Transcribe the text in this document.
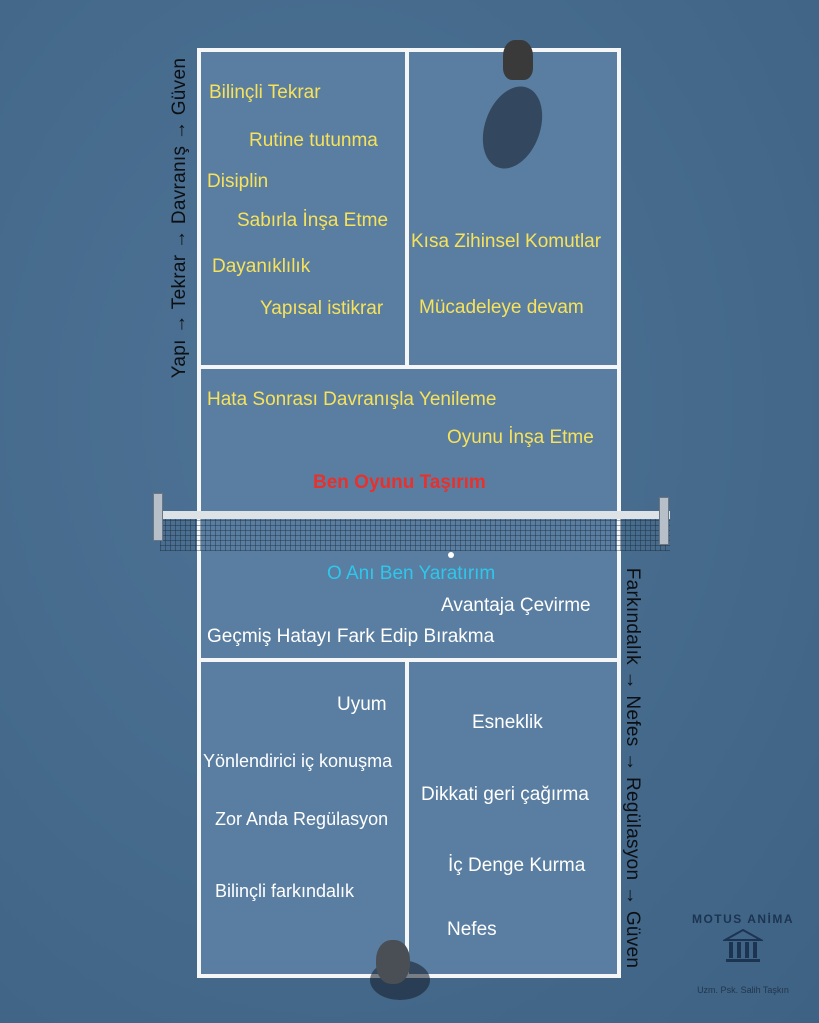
Yapı → Tekrar → Davranış → Güven
Farkındalık → Nefes → Regülasyon → Güven
Bilinçli Tekrar
Rutine tutunma
Disiplin
Sabırla İnşa Etme
Dayanıklılık
Yapısal istikrar
Kısa Zihinsel Komutlar
Mücadeleye devam
Hata Sonrası Davranışla Yenileme
Oyunu İnşa Etme
Ben Oyunu Taşırım
O Anı Ben Yaratırım
Avantaja Çevirme
Geçmiş Hatayı Fark Edip Bırakma
Uyum
Yönlendirici iç konuşma
Zor Anda Regülasyon
Bilinçli farkındalık
Esneklik
Dikkati geri çağırma
İç Denge Kurma
Nefes	MOTUS ANİMA
Uzm. Psk. Salih Taşkın
